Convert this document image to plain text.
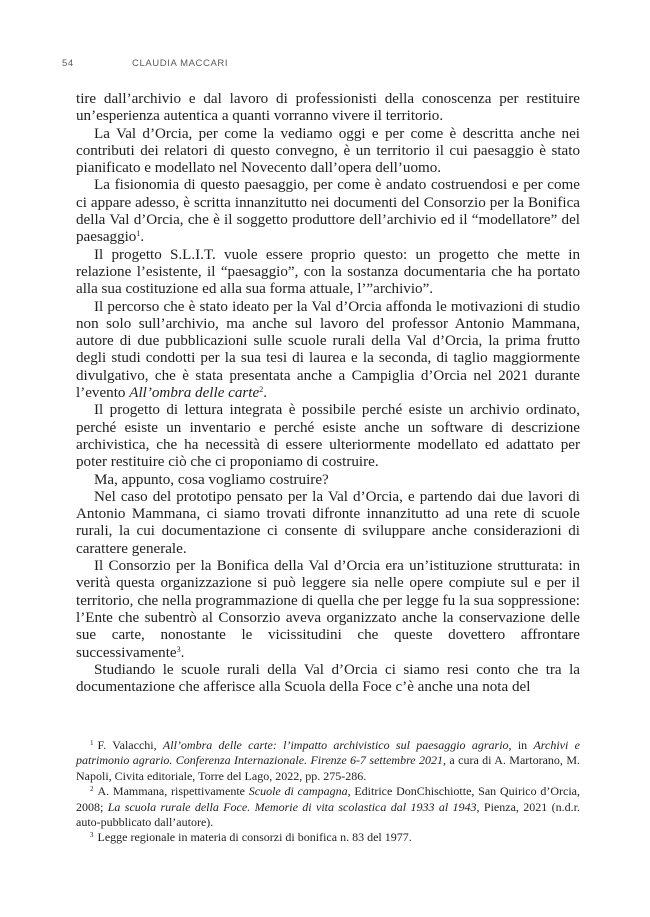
54	CLAUDIA MACCARI

tire dall’archivio e dal lavoro di professionisti della conoscenza per restituire un’esperienza autentica a quanti vorranno vivere il territorio.

La Val d’Orcia, per come la vediamo oggi e per come è descritta anche nei contributi dei relatori di questo convegno, è un territorio il cui paesaggio è stato pianificato e modellato nel Novecento dall’opera dell’uomo.

La fisionomia di questo paesaggio, per come è andato costruendosi e per come ci appare adesso, è scritta innanzitutto nei documenti del Consorzio per la Bonifica della Val d’Orcia, che è il soggetto produttore dell’archivio ed il “modellatore” del paesaggio$^1$.

Il progetto S.L.I.T. vuole essere proprio questo: un progetto che mette in relazione l’esistente, il “paesaggio”, con la sostanza documentaria che ha portato alla sua costituzione ed alla sua forma attuale, l’”archivio”.

Il percorso che è stato ideato per la Val d’Orcia affonda le motivazioni di studio non solo sull’archivio, ma anche sul lavoro del professor Antonio Mammana, autore di due pubblicazioni sulle scuole rurali della Val d’Orcia, la prima frutto degli studi condotti per la sua tesi di laurea e la seconda, di taglio maggiormente divulgativo, che è stata presentata anche a Campiglia d’Orcia nel 2021 durante l’evento All’ombra delle carte$^2$.

Il progetto di lettura integrata è possibile perché esiste un archivio ordinato, perché esiste un inventario e perché esiste anche un software di descrizione archivistica, che ha necessità di essere ulteriormente modellato ed adattato per poter restituire ciò che ci proponiamo di costruire.

Ma, appunto, cosa vogliamo costruire?

Nel caso del prototipo pensato per la Val d’Orcia, e partendo dai due lavori di Antonio Mammana, ci siamo trovati difronte innanzitutto ad una rete di scuole rurali, la cui documentazione ci consente di sviluppare anche considerazioni di carattere generale.

Il Consorzio per la Bonifica della Val d’Orcia era un’istituzione strutturata: in verità questa organizzazione si può leggere sia nelle opere compiute sul e per il territorio, che nella programmazione di quella che per legge fu la sua soppressione: l’Ente che subentrò al Consorzio aveva organizzato anche la conservazione delle sue carte, nonostante le vicissitudini che queste dovettero affrontare successivamente$^3$.

Studiando le scuole rurali della Val d’Orcia ci siamo resi conto che tra la documentazione che afferisce alla Scuola della Foce c’è anche una nota del

$^1$ F. Valacchi, All’ombra delle carte: l’impatto archivistico sul paesaggio agrario, in Archivi e patrimonio agrario. Conferenza Internazionale. Firenze 6-7 settembre 2021, a cura di A. Martorano, M. Napoli, Civita editoriale, Torre del Lago, 2022, pp. 275-286.

$^2$ A. Mammana, rispettivamente Scuole di campagna, Editrice DonChischiotte, San Quirico d’Orcia, 2008; La scuola rurale della Foce. Memorie di vita scolastica dal 1933 al 1943, Pienza, 2021 (n.d.r. auto-pubblicato dall’autore).

$^3$ Legge regionale in materia di consorzi di bonifica n. 83 del 1977.
